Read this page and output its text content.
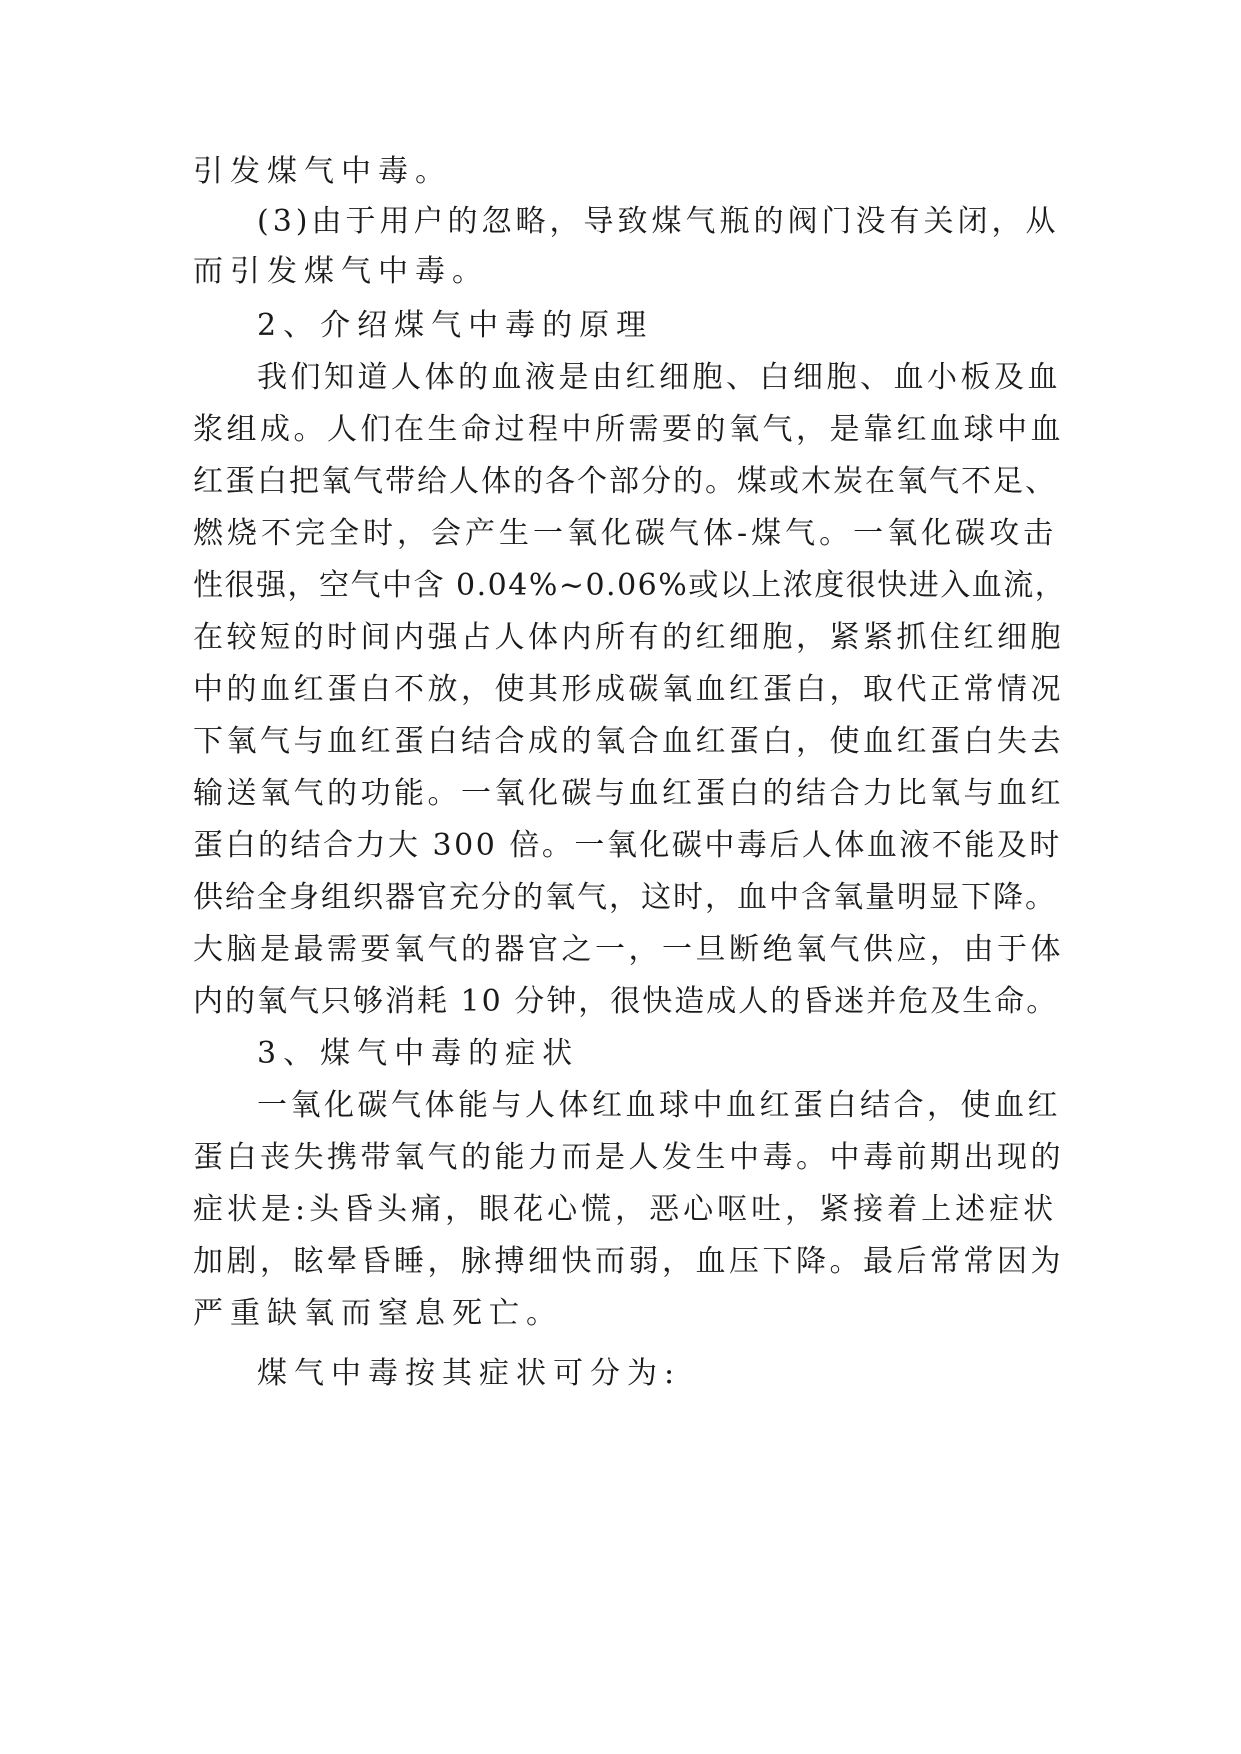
引发煤气中毒。

(3)由于用户的忽略，导致煤气瓶的阀门没有关闭，从

而引发煤气中毒。

2、介绍煤气中毒的原理

我们知道人体的血液是由红细胞、白细胞、血小板及血

浆组成。人们在生命过程中所需要的氧气，是靠红血球中血

红蛋白把氧气带给人体的各个部分的。煤或木炭在氧气不足、

燃烧不完全时，会产生一氧化碳气体-煤气。一氧化碳攻击

性很强，空气中含 0.04%~0.06%或以上浓度很快进入血流，

在较短的时间内强占人体内所有的红细胞，紧紧抓住红细胞

中的血红蛋白不放，使其形成碳氧血红蛋白，取代正常情况

下氧气与血红蛋白结合成的氧合血红蛋白，使血红蛋白失去

输送氧气的功能。一氧化碳与血红蛋白的结合力比氧与血红

蛋白的结合力大 300 倍。一氧化碳中毒后人体血液不能及时

供给全身组织器官充分的氧气，这时，血中含氧量明显下降。

大脑是最需要氧气的器官之一，一旦断绝氧气供应，由于体

内的氧气只够消耗 10 分钟，很快造成人的昏迷并危及生命。

3、煤气中毒的症状

一氧化碳气体能与人体红血球中血红蛋白结合，使血红

蛋白丧失携带氧气的能力而是人发生中毒。中毒前期出现的

症状是:头昏头痛，眼花心慌，恶心呕吐，紧接着上述症状

加剧，眩晕昏睡，脉搏细快而弱，血压下降。最后常常因为

严重缺氧而窒息死亡。

煤气中毒按其症状可分为:
